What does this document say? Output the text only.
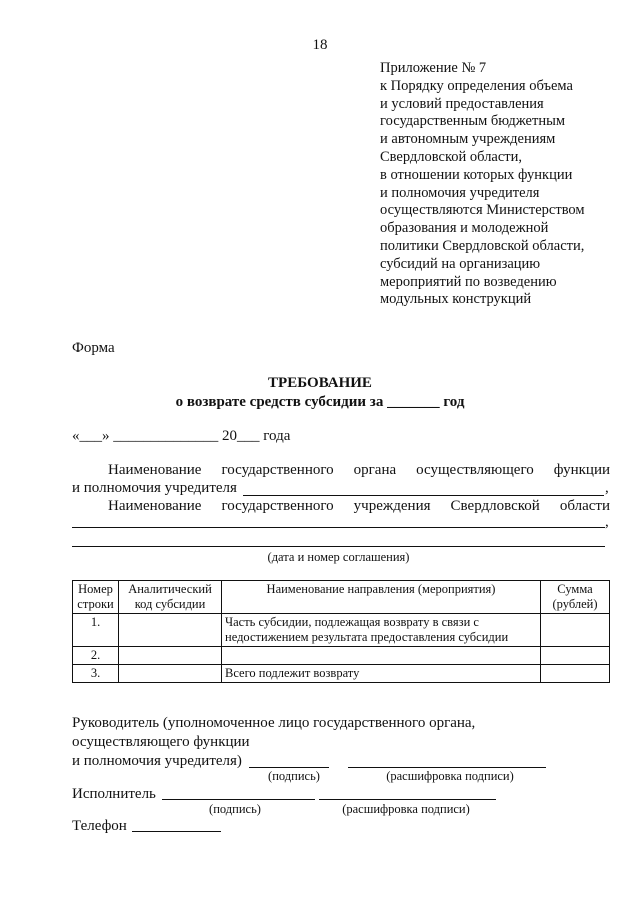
18
Приложение № 7
к Порядку определения объема
и условий предоставления
государственным бюджетным
и автономным учреждениям
Свердловской области,
в отношении которых функции
и полномочия учредителя
осуществляются Министерством
образования и молодежной
политики Свердловской области,
субсидий на организацию
мероприятий по возведению
модульных конструкций
Форма
ТРЕБОВАНИЕ
о возврате средств субсидии за _______ год
«___» ______________ 20___ года
Наименование государственного органа осуществляющего функции
и полномочия учредителя	,
Наименование государственного учреждения Свердловской области
,
(дата и номер соглашения)
Номер строки	Аналитический код субсидии	Наименование направления (мероприятия)	Сумма (рублей)
1.		Часть субсидии, подлежащая возврату в связи с недостижением результата предоставления субсидии	
2.			
3.		Всего подлежит возврату	
Руководитель (уполномоченное лицо государственного органа,
осуществляющего функции
и полномочия учредителя)
(подпись)	(расшифровка подписи)
Исполнитель
(подпись)	(расшифровка подписи)
Телефон
